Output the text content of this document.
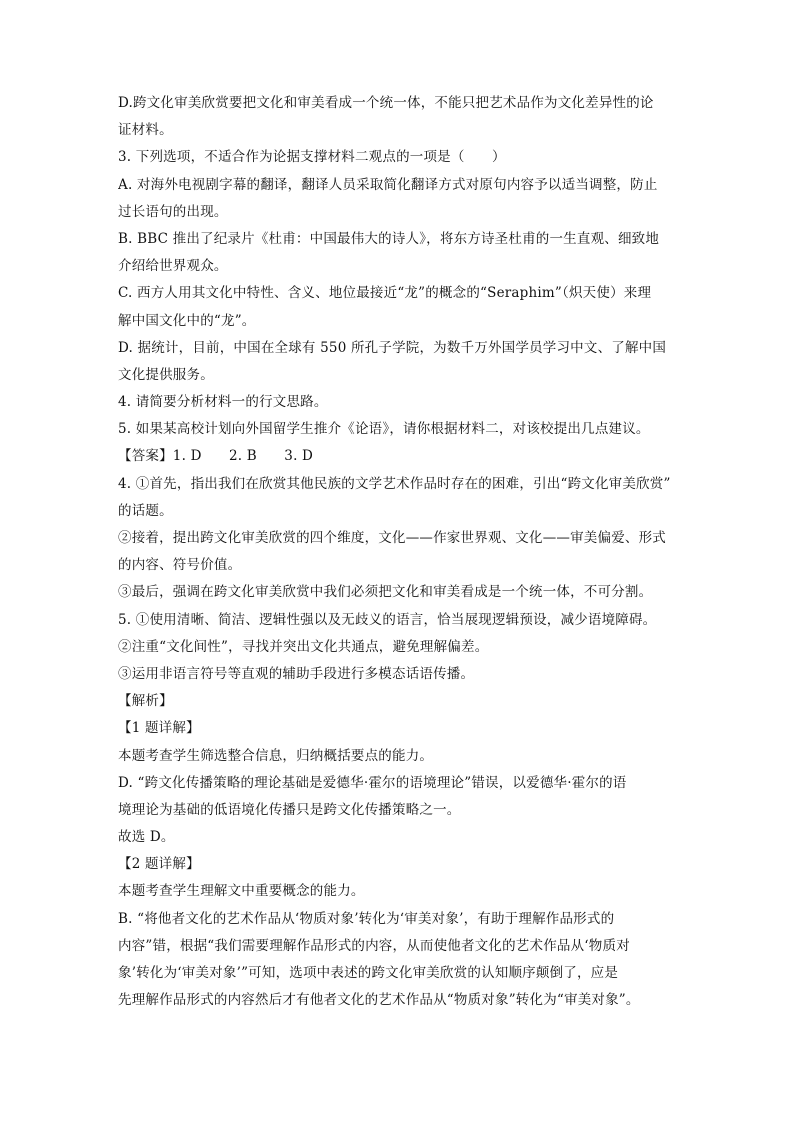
D.跨文化审美欣赏要把文化和审美看成一个统一体，不能只把艺术品作为文化差异性的论
证材料。
3. 下列选项，不适合作为论据支撑材料二观点的一项是（　　）
A. 对海外电视剧字幕的翻译，翻译人员采取简化翻译方式对原句内容予以适当调整，防止
过长语句的出现。
B. BBC 推出了纪录片《杜甫：中国最伟大的诗人》，将东方诗圣杜甫的一生直观、细致地
介绍给世界观众。
C. 西方人用其文化中特性、含义、地位最接近“龙”的概念的“Seraphim”（炽天使）来理
解中国文化中的“龙”。
D. 据统计，目前，中国在全球有 550 所孔子学院，为数千万外国学员学习中文、了解中国
文化提供服务。
4. 请简要分析材料一的行文思路。
5. 如果某高校计划向外国留学生推介《论语》，请你根据材料二，对该校提出几点建议。
【答案】1. D　　2. B　　3. D
4. ①首先，指出我们在欣赏其他民族的文学艺术作品时存在的困难，引出“跨文化审美欣赏”
的话题。
②接着，提出跨文化审美欣赏的四个维度，文化——作家世界观、文化——审美偏爱、形式
的内容、符号价值。
③最后，强调在跨文化审美欣赏中我们必须把文化和审美看成是一个统一体，不可分割。
5. ①使用清晰、简洁、逻辑性强以及无歧义的语言，恰当展现逻辑预设，减少语境障碍。
②注重“文化间性”，寻找并突出文化共通点，避免理解偏差。
③运用非语言符号等直观的辅助手段进行多模态话语传播。
【解析】
【1 题详解】
本题考查学生筛选整合信息，归纳概括要点的能力。
D. “跨文化传播策略的理论基础是爱德华·霍尔的语境理论”错误，以爱德华·霍尔的语
境理论为基础的低语境化传播只是跨文化传播策略之一。
故选 D。
【2 题详解】
本题考查学生理解文中重要概念的能力。
B. “将他者文化的艺术作品从‘物质对象’转化为‘审美对象’，有助于理解作品形式的
内容”错，根据“我们需要理解作品形式的内容，从而使他者文化的艺术作品从‘物质对
象’转化为‘审美对象’”可知，选项中表述的跨文化审美欣赏的认知顺序颠倒了，应是
先理解作品形式的内容然后才有他者文化的艺术作品从“物质对象”转化为“审美对象”。
